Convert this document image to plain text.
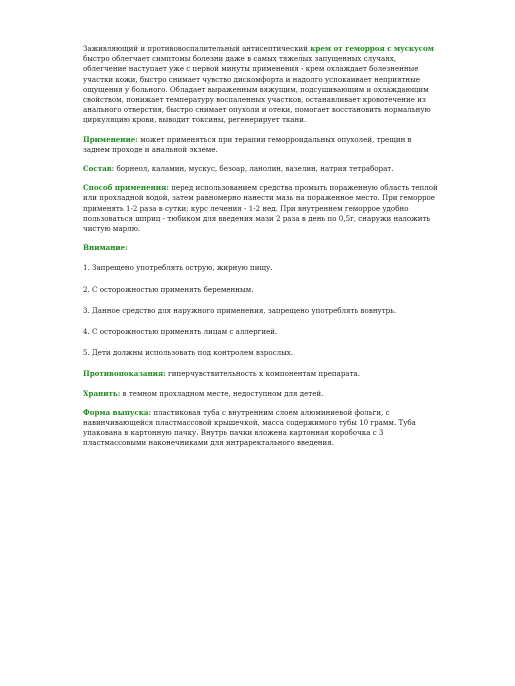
Заживляющий и противовоспалительный антисептический крем от геморроя с мускусом быстро облегчает симптомы болезни даже в самых тяжелых запущенных случаях, облегчение наступает уже с первой минуты применения - крем охлаждает болезненные участки кожи, быстро снимает чувство дискомфорта и надолго успокаивает неприятные ощущения у больного. Обладает выраженным вяжущим, подсушивающим и охлаждающим свойством, понижает температуру воспаленных участков, останавливает кровотечение из анального отверстия, быстро снимает опухоли и отеки, помогает восстановить нормальную циркуляцию крови, выводит токсины, регенерирует ткани.

Применение: может применяться при терапии геморроидальных опухолей, трещин в заднем проходе и анальной экземе.

Состав: борнеол, каламин, мускус, безоар, ланолин, вазелин, натрия тетраборат.

Способ применения: перед использованием средства промыть пораженную область теплой или прохладной водой, затем равномерно нанести мазь на пораженное место. При геморрое применять 1-2 раза в сутки; курс лечения - 1-2 нед. При внутреннем геморрое удобно пользоваться шприц - тюбиком для введения мази 2 раза в день по 0,5г, снаружи наложить чистую марлю.

Внимание:

1. Запрещено употреблять острую, жирную пищу.

2. С осторожностью применять беременным.

3. Данное средство для наружного применения, запрещено употреблять вовнутрь.

4. С осторожностью применять лицам с аллергией.

5. Дети должны использовать под контролем взрослых.

Противопоказания: гиперчувствительность к компонентам препарата.

Хранить: в темном прохладном месте, недоступном для детей.

Форма выпуска: пластиковая туба с внутренним слоем алюминиевой фольги, с навинчивающейся пластмассовой крышечкой, масса содержимого тубы 10 грамм. Туба упакована в картонную пачку. Внутрь пачки вложена картонная коробочка с 3 пластмассовыми наконечниками для интраректального введения.
